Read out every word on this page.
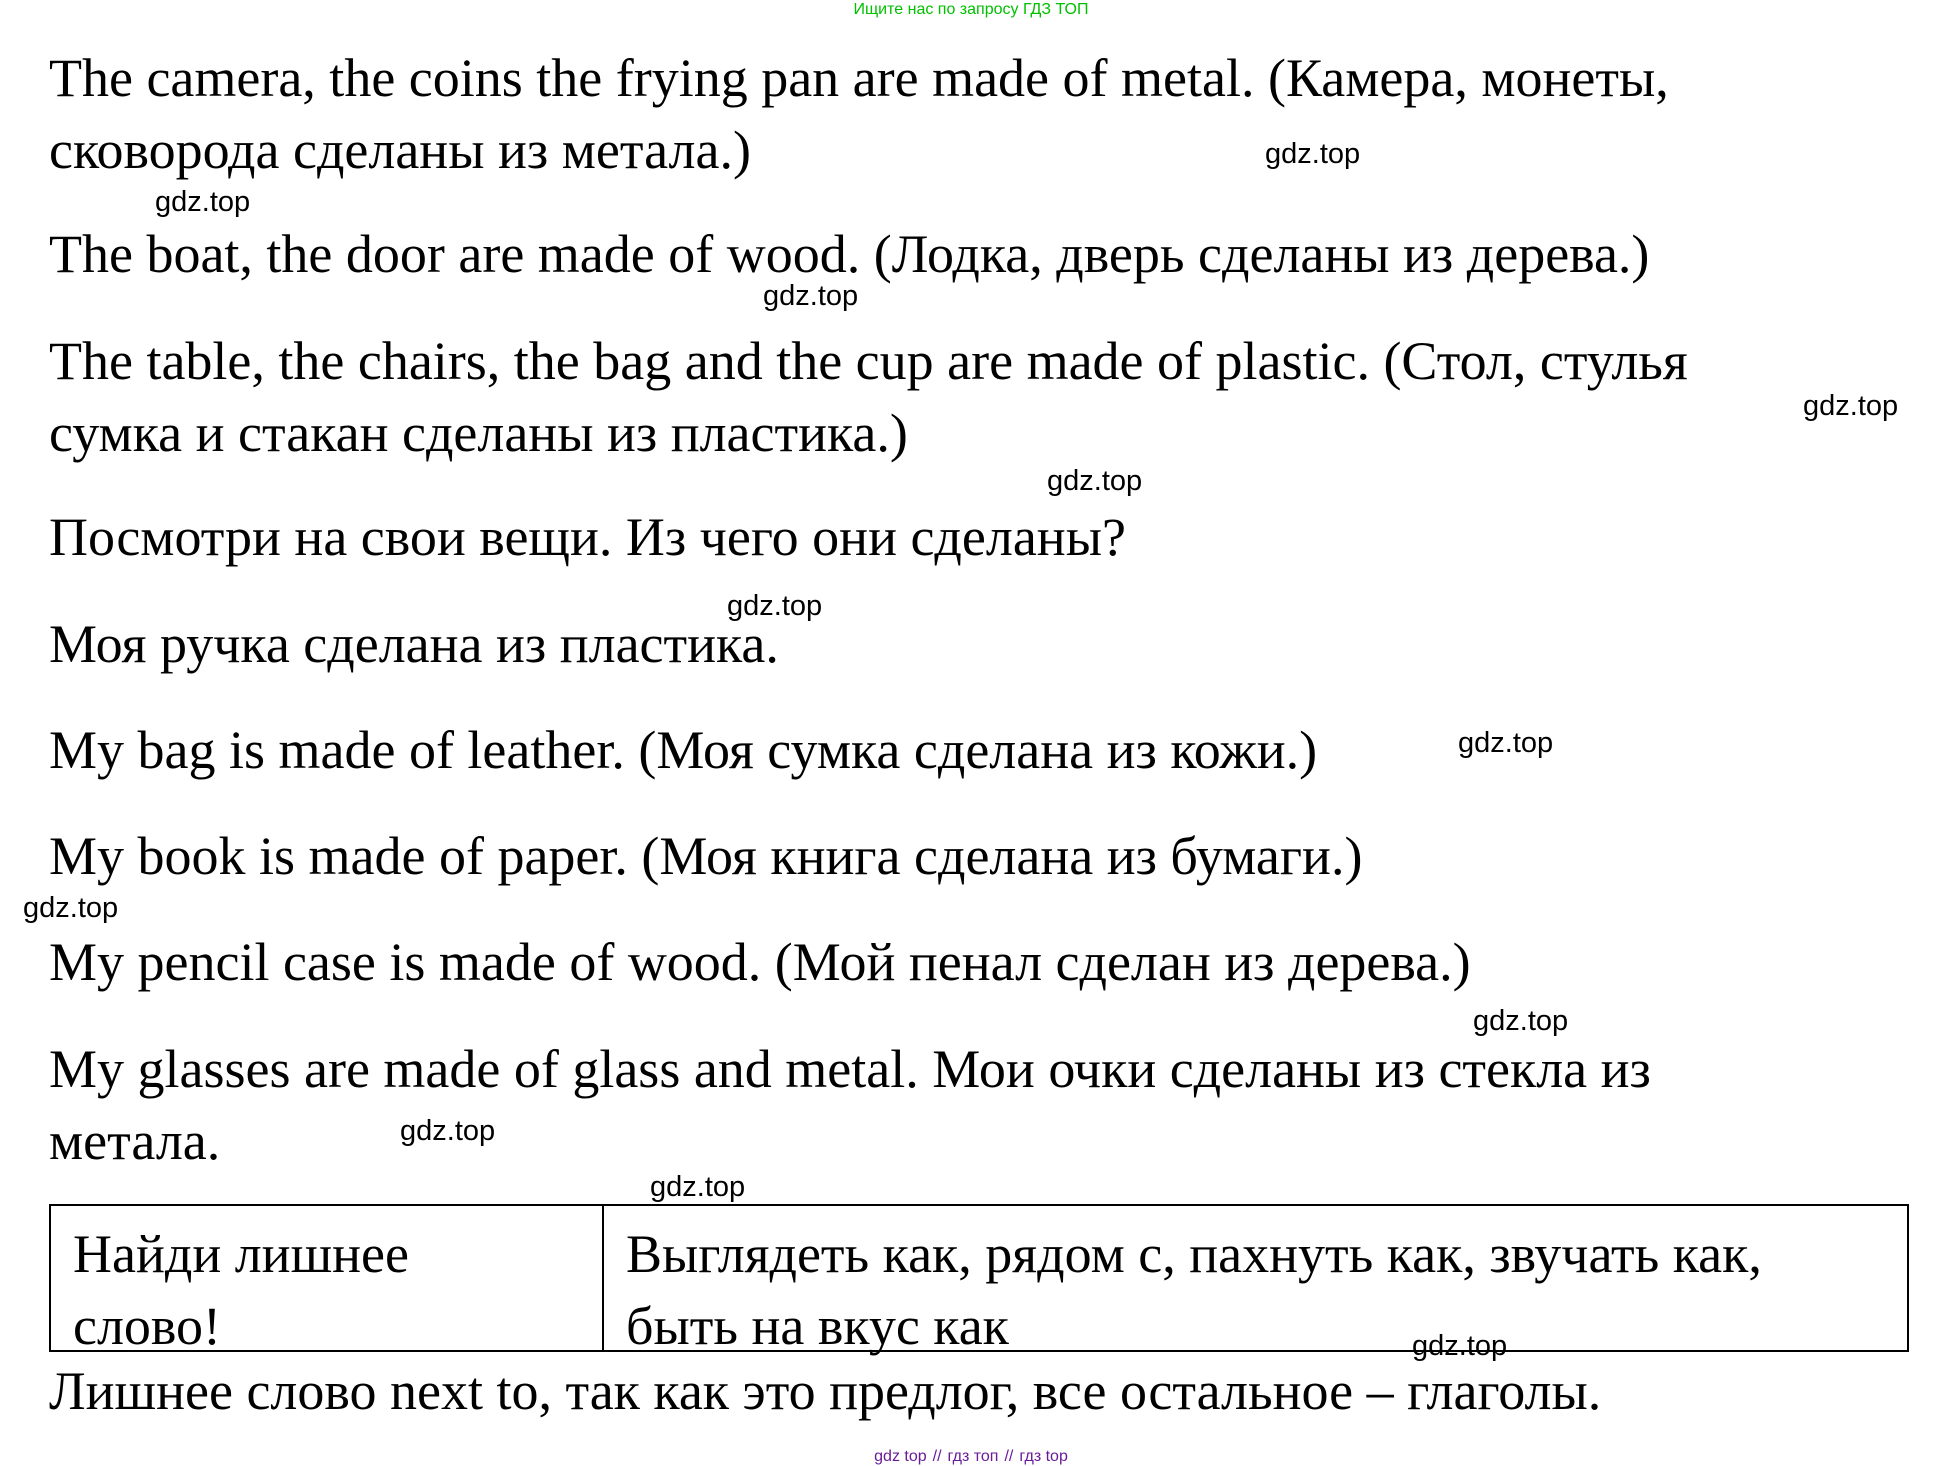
Ищите нас по запросу ГДЗ ТОП
The camera, the coins the frying pan are made of metal. (Камера, монеты,
сковорода сделаны из метала.)
The boat, the door are made of wood. (Лодка, дверь сделаны из дерева.)
The table, the chairs, the bag and the cup are made of plastic. (Стол, стулья
сумка и стакан сделаны из пластика.)
Посмотри на свои вещи. Из чего они сделаны?
Моя ручка сделана из пластика.
My bag is made of leather. (Моя сумка сделана из кожи.)
My book is made of paper. (Моя книга сделана из бумаги.)
My pencil case is made of wood. (Мой пенал сделан из дерева.)
My glasses are made of glass and metal. Мои очки сделаны из стекла из
метала.
gdz.top
gdz.top
gdz.top
gdz.top
gdz.top
gdz.top
gdz.top
gdz.top
gdz.top
gdz.top
gdz.top
gdz.top
Найди лишнее
слово!
Выглядеть как, рядом с, пахнуть как, звучать как,
быть на вкус как
Лишнее слово next to, так как это предлог, все остальное – глаголы.
gdz top // гдз топ // гдз top
